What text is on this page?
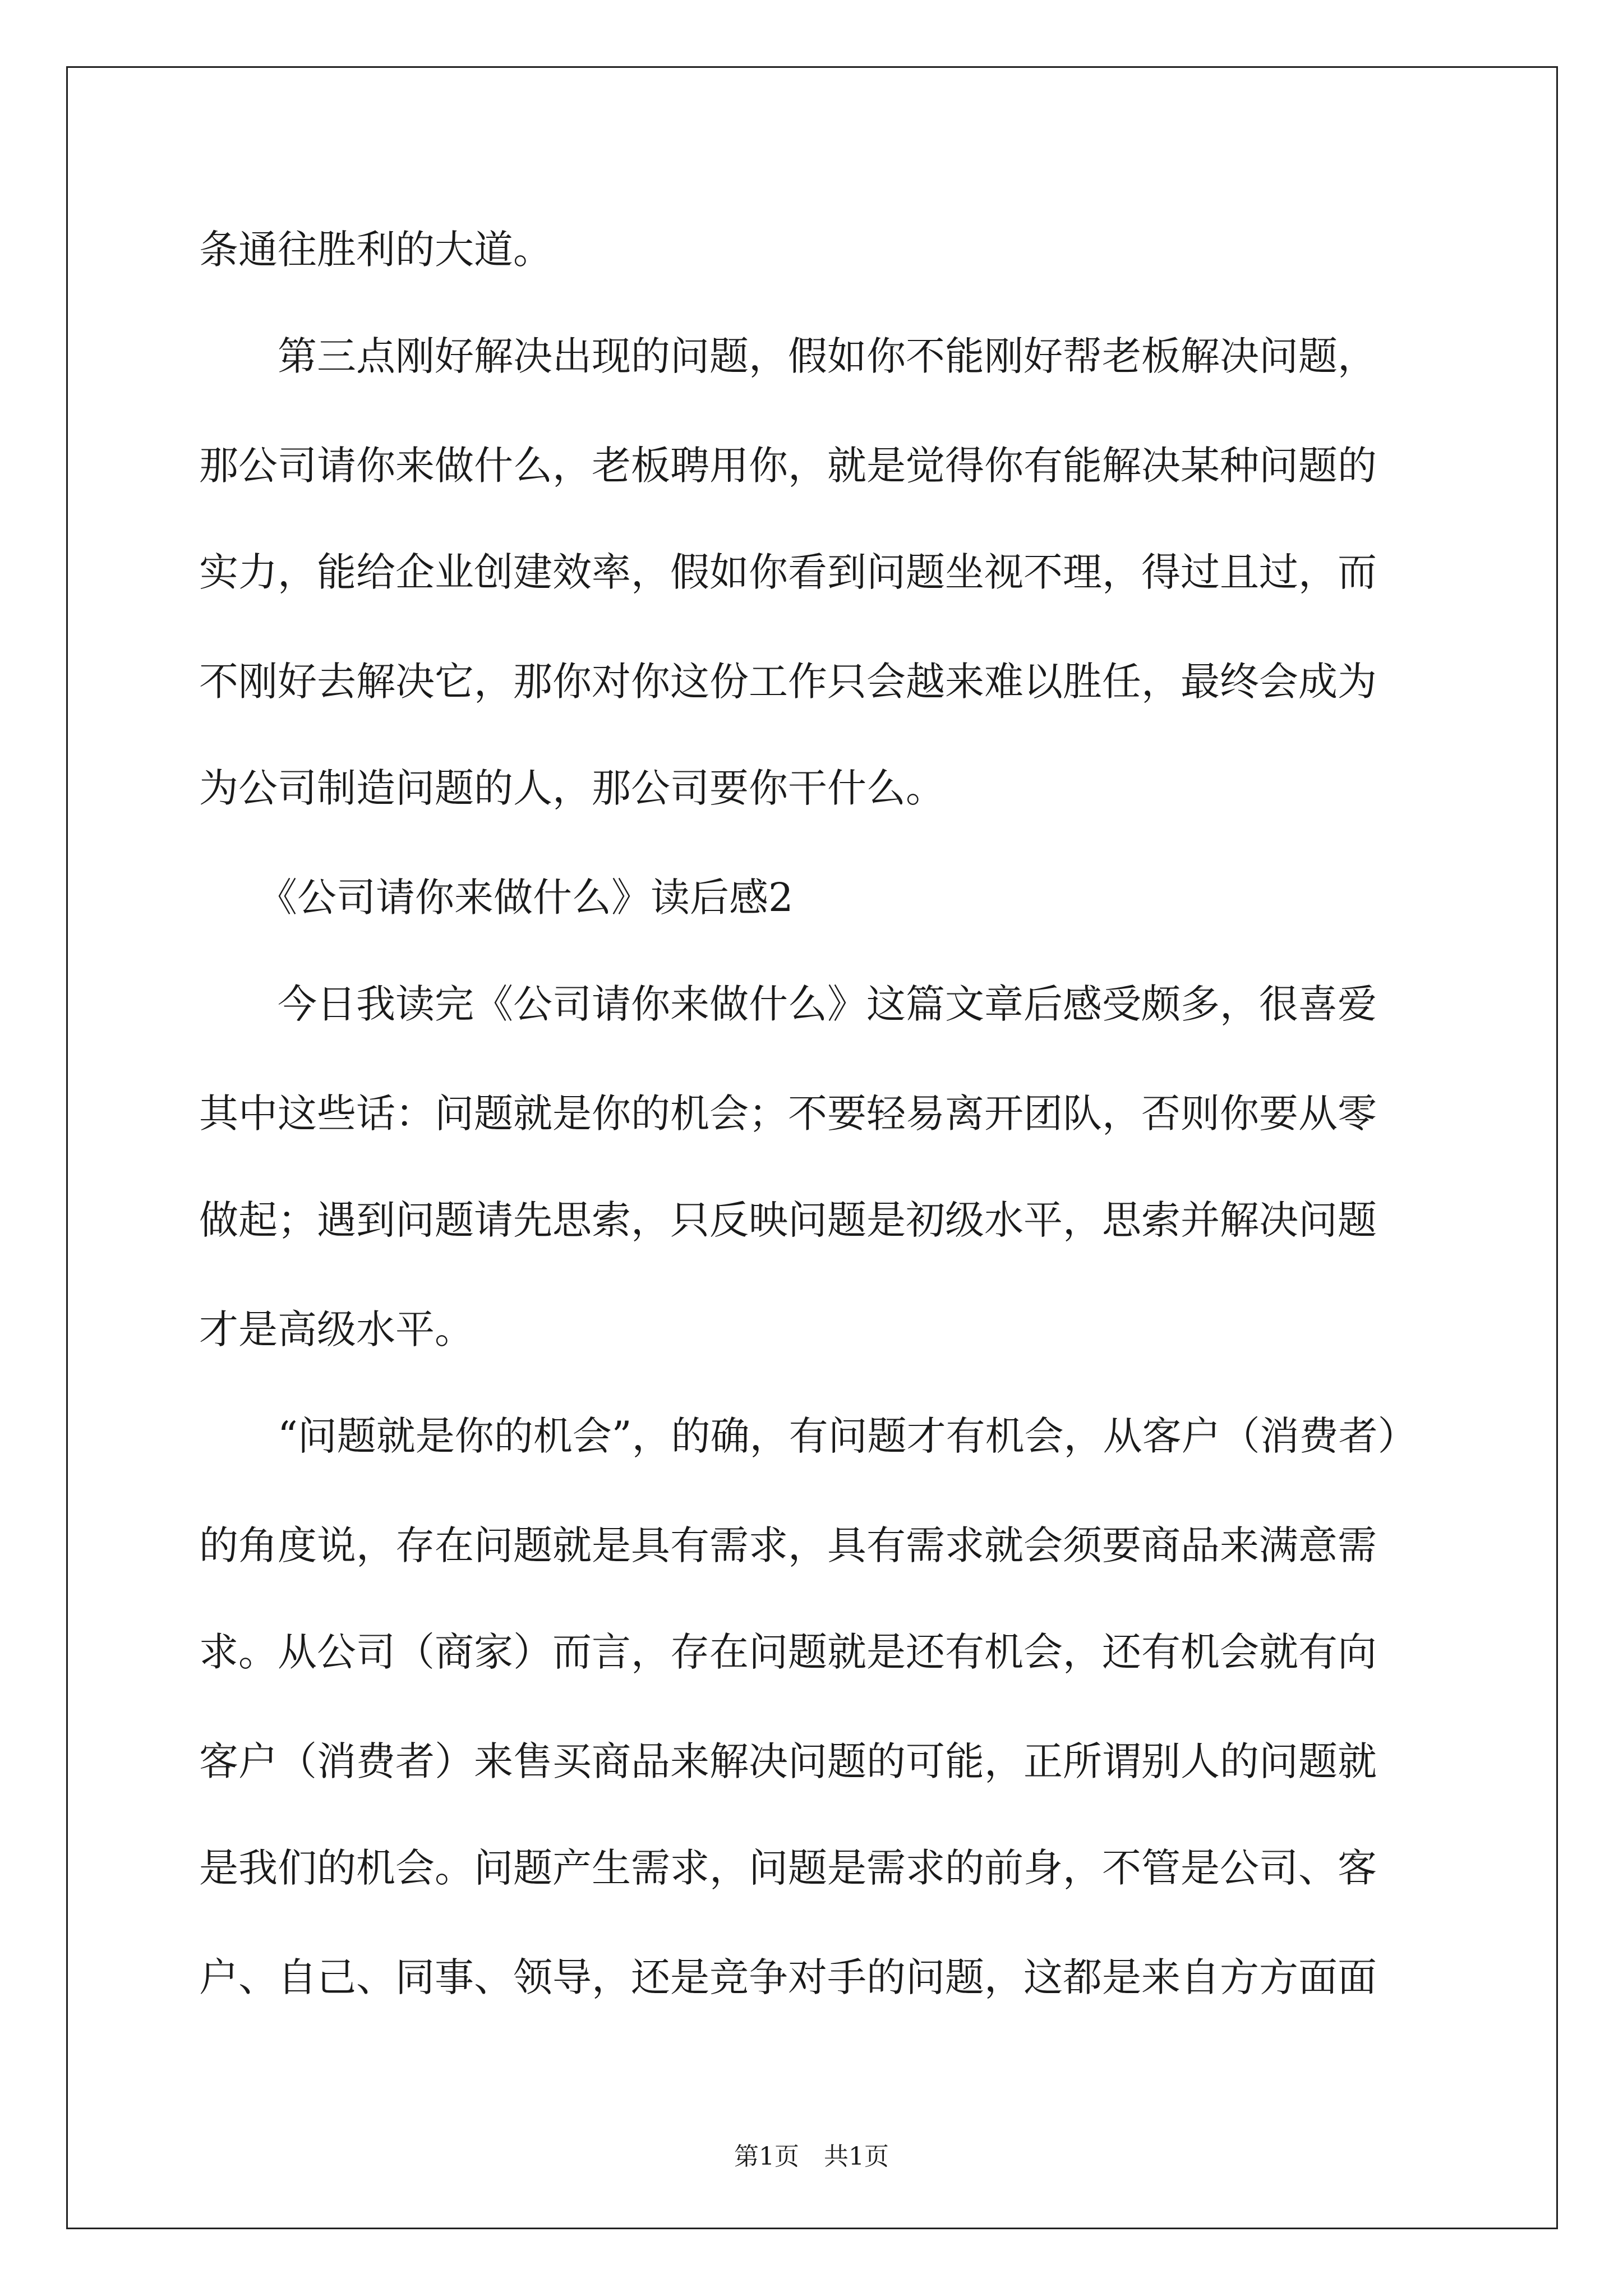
条通往胜利的大道。

　　第三点刚好解决出现的问题，假如你不能刚好帮老板解决问题，

那公司请你来做什么，老板聘用你，就是觉得你有能解决某种问题的

实力，能给企业创建效率，假如你看到问题坐视不理，得过且过，而

不刚好去解决它，那你对你这份工作只会越来难以胜任，最终会成为

为公司制造问题的人，那公司要你干什么。

　　《公司请你来做什么》读后感2

　　今日我读完《公司请你来做什么》这篇文章后感受颇多，很喜爱

其中这些话：问题就是你的机会；不要轻易离开团队，否则你要从零

做起；遇到问题请先思索，只反映问题是初级水平，思索并解决问题

才是高级水平。

　　“问题就是你的机会”，的确，有问题才有机会，从客户（消费者）

的角度说，存在问题就是具有需求，具有需求就会须要商品来满意需

求。从公司（商家）而言，存在问题就是还有机会，还有机会就有向

客户（消费者）来售买商品来解决问题的可能，正所谓别人的问题就

是我们的机会。问题产生需求，问题是需求的前身，不管是公司、客

户、自己、同事、领导，还是竞争对手的问题，这都是来自方方面面

第1页　共1页
